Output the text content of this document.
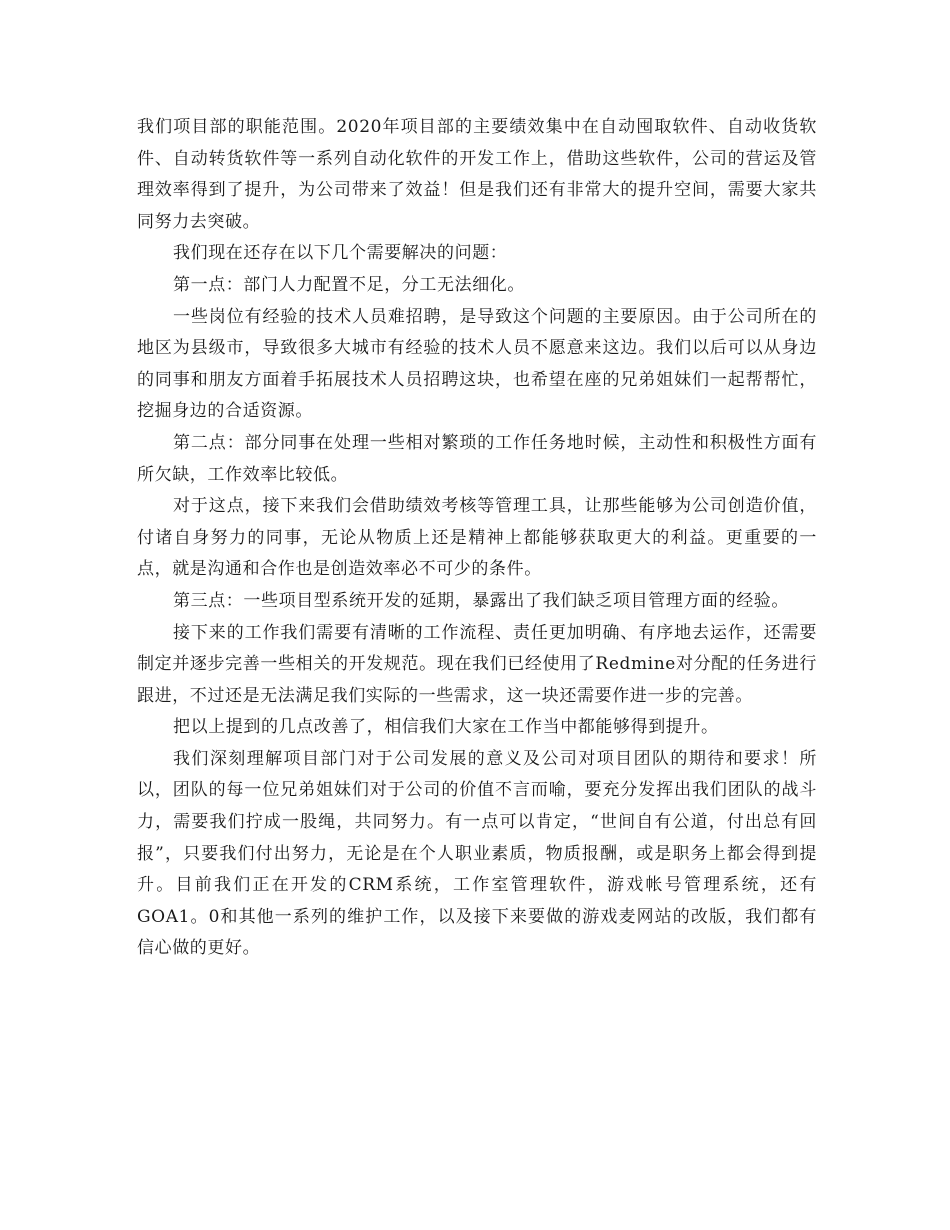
我们项目部的职能范围。2020年项目部的主要绩效集中在自动囤取软件、自动收货软件、自动转货软件等一系列自动化软件的开发工作上，借助这些软件，公司的营运及管理效率得到了提升，为公司带来了效益！但是我们还有非常大的提升空间，需要大家共同努力去突破。

我们现在还存在以下几个需要解决的问题：

第一点：部门人力配置不足，分工无法细化。

一些岗位有经验的技术人员难招聘，是导致这个问题的主要原因。由于公司所在的地区为县级市，导致很多大城市有经验的技术人员不愿意来这边。我们以后可以从身边的同事和朋友方面着手拓展技术人员招聘这块，也希望在座的兄弟姐妹们一起帮帮忙，挖掘身边的合适资源。

第二点：部分同事在处理一些相对繁琐的工作任务地时候，主动性和积极性方面有所欠缺，工作效率比较低。

对于这点，接下来我们会借助绩效考核等管理工具，让那些能够为公司创造价值，付诸自身努力的同事，无论从物质上还是精神上都能够获取更大的利益。更重要的一点，就是沟通和合作也是创造效率必不可少的条件。

第三点：一些项目型系统开发的延期，暴露出了我们缺乏项目管理方面的经验。

接下来的工作我们需要有清晰的工作流程、责任更加明确、有序地去运作，还需要制定并逐步完善一些相关的开发规范。现在我们已经使用了Redmine对分配的任务进行跟进，不过还是无法满足我们实际的一些需求，这一块还需要作进一步的完善。

把以上提到的几点改善了，相信我们大家在工作当中都能够得到提升。

我们深刻理解项目部门对于公司发展的意义及公司对项目团队的期待和要求！所以，团队的每一位兄弟姐妹们对于公司的价值不言而喻，要充分发挥出我们团队的战斗力，需要我们拧成一股绳，共同努力。有一点可以肯定，“世间自有公道，付出总有回报”，只要我们付出努力，无论是在个人职业素质，物质报酬，或是职务上都会得到提升。目前我们正在开发的CRM系统，工作室管理软件，游戏帐号管理系统，还有GOA1。0和其他一系列的维护工作，以及接下来要做的游戏麦网站的改版，我们都有信心做的更好。
